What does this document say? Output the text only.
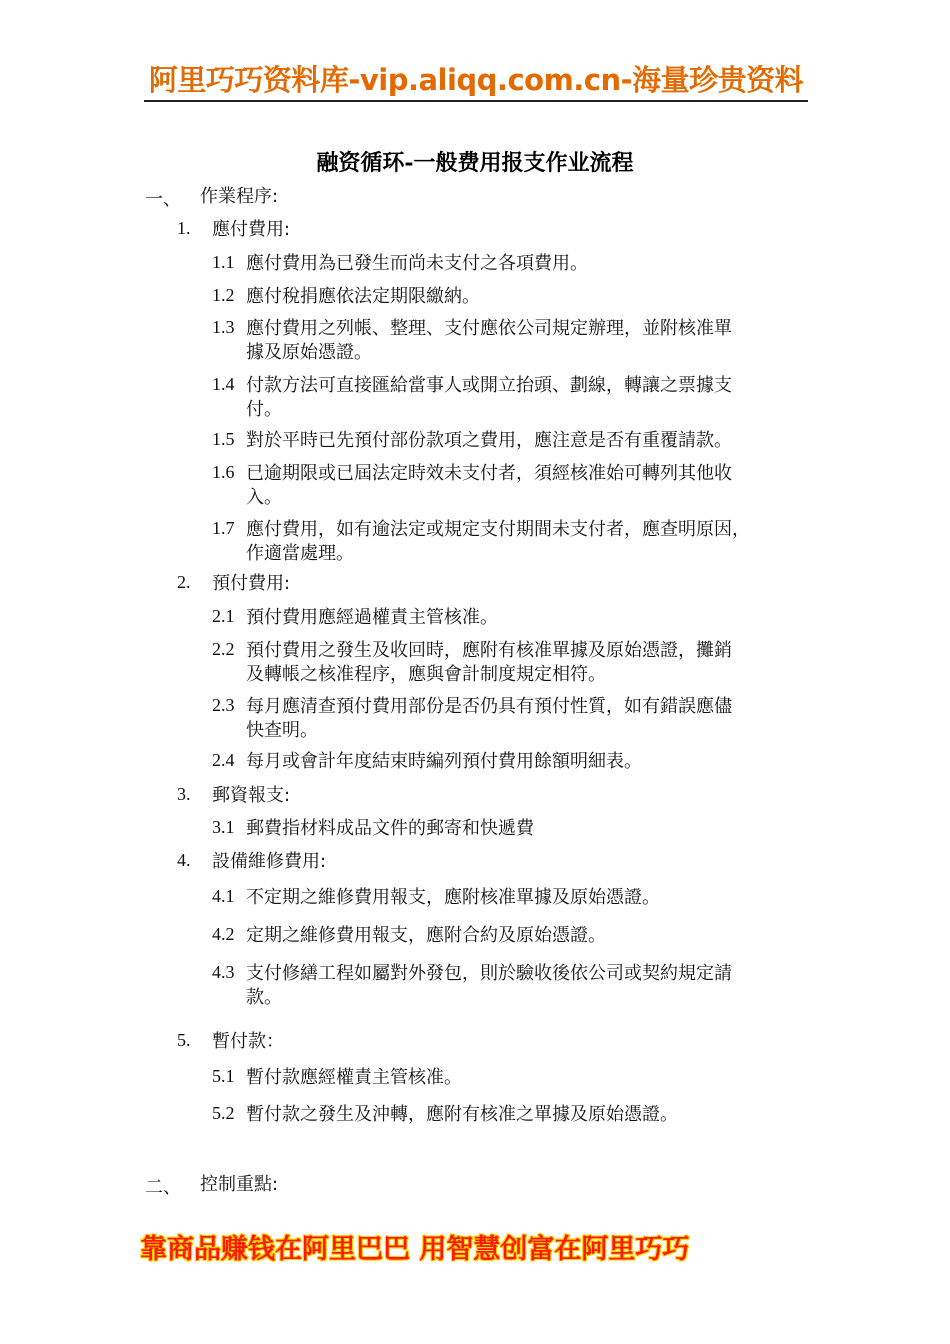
阿里巧巧资料库-vip.aliqq.com.cn-海量珍贵资料
融资循环-一般费用报支作业流程
一、 作業程序:
1. 應付費用:
1.1 應付費用為已發生而尚未支付之各項費用。
1.2 應付稅捐應依法定期限繳納。
1.3 應付費用之列帳、整理、支付應依公司規定辦理，並附核准單
據及原始憑證。
1.4 付款方法可直接匯給當事人或開立抬頭、劃線，轉讓之票據支
付。
1.5 對於平時已先預付部份款項之費用，應注意是否有重覆請款。
1.6 已逾期限或已屆法定時效未支付者，須經核准始可轉列其他收
入。
1.7 應付費用，如有逾法定或規定支付期間未支付者，應查明原因，
作適當處理。
2. 預付費用:
2.1 預付費用應經過權責主管核准。
2.2 預付費用之發生及收回時，應附有核准單據及原始憑證，攤銷
及轉帳之核准程序，應與會計制度規定相符。
2.3 每月應清查預付費用部份是否仍具有預付性質，如有錯誤應儘
快查明。
2.4 每月或會計年度結束時編列預付費用餘額明細表。
3. 郵資報支:
3.1 郵費指材料成品文件的郵寄和快遞費
4. 設備維修費用:
4.1 不定期之維修費用報支，應附核准單據及原始憑證。
4.2 定期之維修費用報支，應附合約及原始憑證。
4.3 支付修繕工程如屬對外發包，則於驗收後依公司或契約規定請
款。
5. 暫付款：
5.1 暫付款應經權責主管核准。
5.2 暫付款之發生及沖轉，應附有核准之單據及原始憑證。
二、 控制重點:
靠商品赚钱在阿里巴巴 用智慧创富在阿里巧巧
